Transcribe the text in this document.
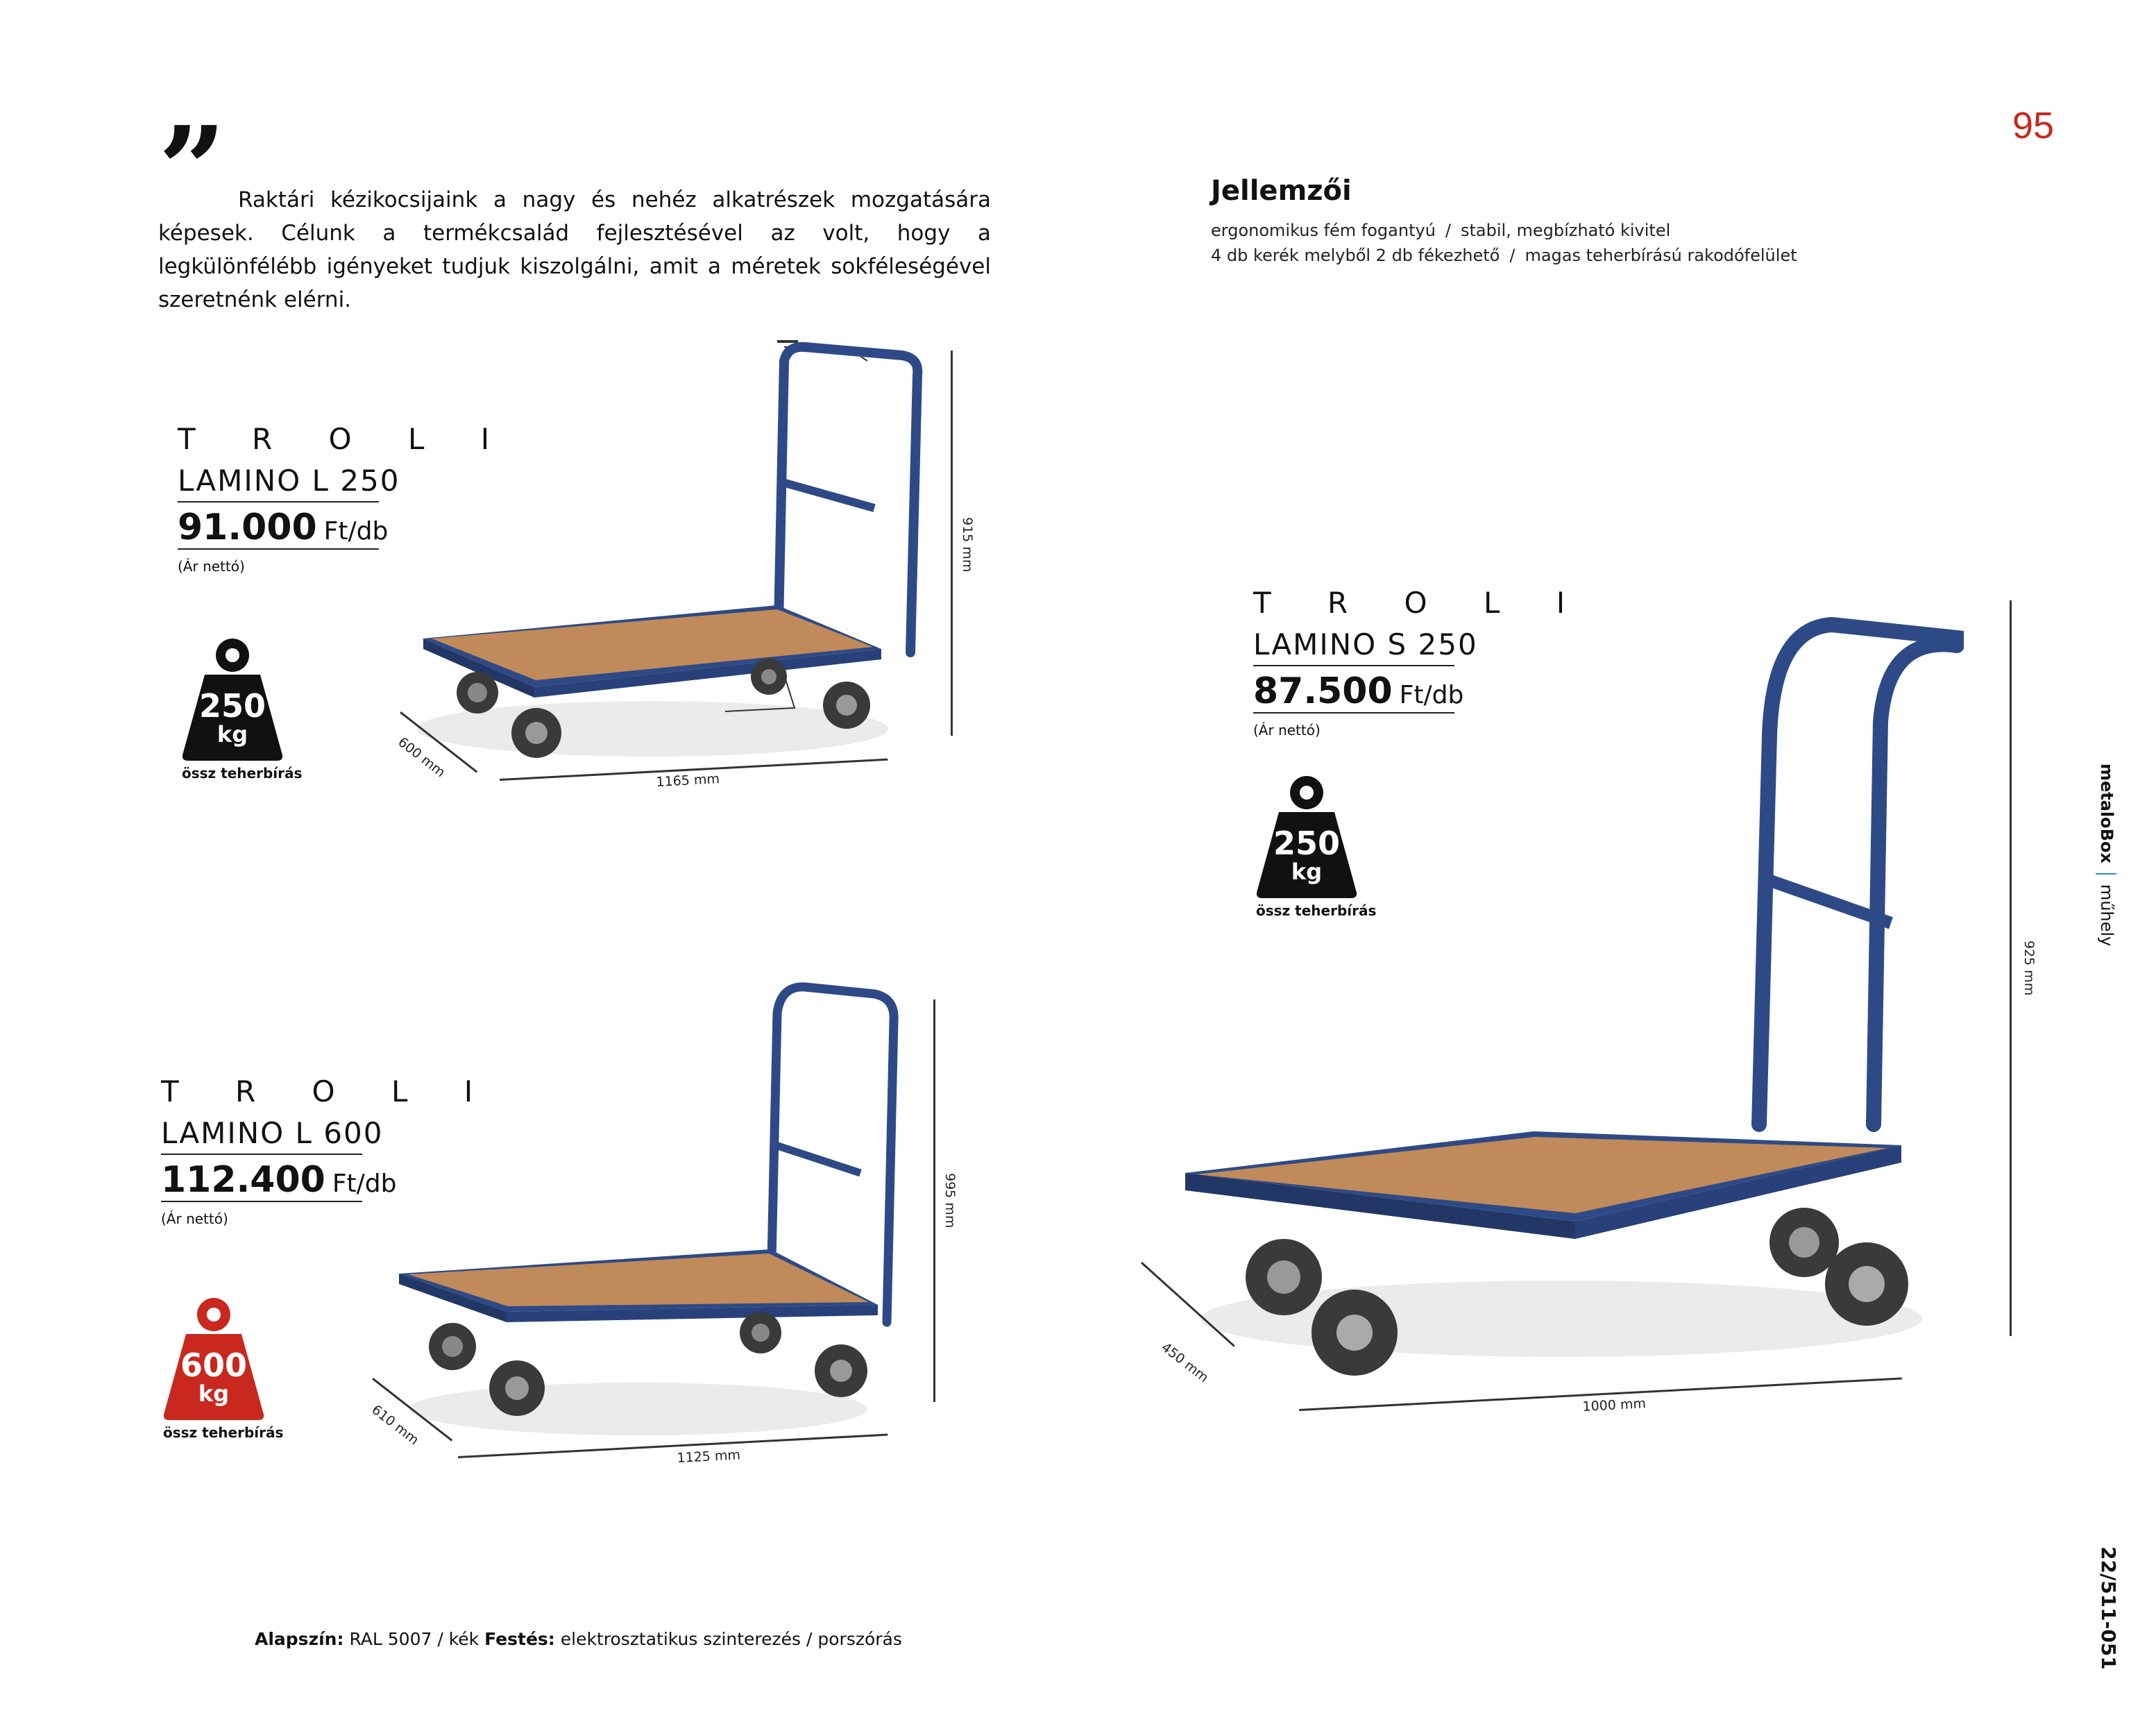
95
” Raktári kézikocsijaink a nagy és nehéz alkatrészek mozgatására képesek. Célunk a termékcsalád fejlesztésével az volt, hogy a legkülönfélébb igényeket tudjuk kiszolgálni, amit a méretek sokféleségével szeretnénk elérni.

Jellemzői
ergonomikus fém fogantyú / stabil, megbízható kivitel
4 db kerék melyből 2 db fékezhető / magas teherbírású rakodófelület
T R O L I
LAMINO L 250
91.000 Ft/db
(Ár nettó)
250
kg
össz teherbírás
915 mm
1165 mm
600 mm
T R O L I
LAMINO L 600
112.400 Ft/db
(Ár nettó)
600
kg
össz teherbírás
995 mm
1125 mm
610 mm
T R O L I
LAMINO S 250
87.500 Ft/db
(Ár nettó)
250
kg
össz teherbírás
925 mm
1000 mm
450 mm
Alapszín: RAL 5007 / kék Festés: elektrosztatikus szinterezés / porszórás
metaloBoxműhely
22/511-051
